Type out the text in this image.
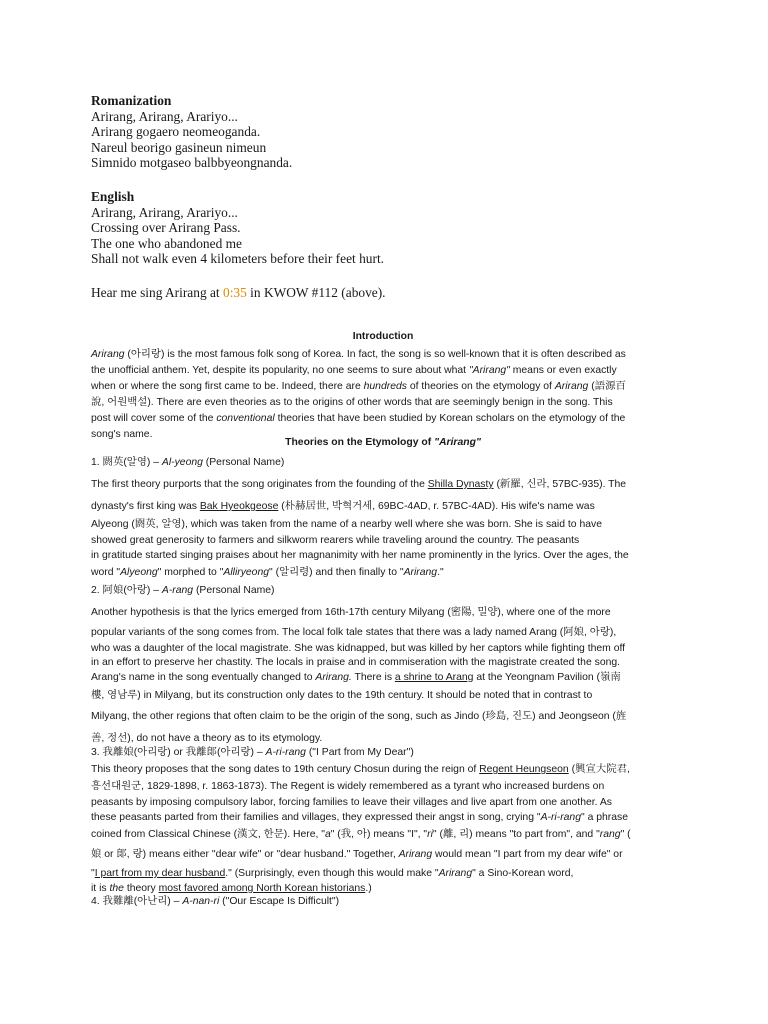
Romanization
Arirang, Arirang, Arariyo...
Arirang gogaero neomeoganda.
Nareul beorigo gasineun nimeun
Simnido motgaseo balbbyeongnanda.
English
Arirang, Arirang, Arariyo...
Crossing over Arirang Pass.
The one who abandoned me
Shall not walk even 4 kilometers before their feet hurt.
Hear me sing Arirang at 0:35 in KWOW #112 (above).
Introduction
Arirang (아리랑) is the most famous folk song of Korea. In fact, the song is so well-known that it is often described as
the unofficial anthem. Yet, despite its popularity, no one seems to sure about what "Arirang" means or even exactly
when or where the song first came to be. Indeed, there are hundreds of theories on the etymology of Arirang (語源百
說, 어원백설). There are even theories as to the origins of other words that are seemingly benign in the song. This
post will cover some of the conventional theories that have been studied by Korean scholars on the etymology of the
song's name.
Theories on the Etymology of "Arirang"
1. 閼英(알영) – Al-yeong (Personal Name)
The first theory purports that the song originates from the founding of the Shilla Dynasty (新羅, 신라, 57BC-935). The
dynasty's first king was Bak Hyeokgeose (朴赫居世, 박혁거세, 69BC-4AD, r. 57BC-4AD). His wife's name was
Alyeong (閼英, 알영), which was taken from the name of a nearby well where she was born. She is said to have
showed great generosity to farmers and silkworm rearers while traveling around the country. The peasants
in gratitude started singing praises about her magnanimity with her name prominently in the lyrics. Over the ages, the
word "Alyeong" morphed to "Alliryeong" (알리령) and then finally to "Arirang."
2. 阿娘(아랑) – A-rang (Personal Name)
Another hypothesis is that the lyrics emerged from 16th-17th century Milyang (密陽, 밀양), where one of the more
popular variants of the song comes from. The local folk tale states that there was a lady named Arang (阿娘, 아랑),
who was a daughter of the local magistrate. She was kidnapped, but was killed by her captors while fighting them off
in an effort to preserve her chastity. The locals in praise and in commiseration with the magistrate created the song.
Arang's name in the song eventually changed to Arirang. There is a shrine to Arang at the Yeongnam Pavilion (嶺南
樓, 영남루) in Milyang, but its construction only dates to the 19th century. It should be noted that in contrast to
Milyang, the other regions that often claim to be the origin of the song, such as Jindo (珍島, 진도) and Jeongseon (旌
善, 정선), do not have a theory as to its etymology.
3. 我離娘(아리랑) or 我離郞(아리랑) – A-ri-rang ("I Part from My Dear")
This theory proposes that the song dates to 19th century Chosun during the reign of Regent Heungseon (興宣大院君,
흥선대원군, 1829-1898, r. 1863-1873). The Regent is widely remembered as a tyrant who increased burdens on
peasants by imposing compulsory labor, forcing families to leave their villages and live apart from one another. As
these peasants parted from their families and villages, they expressed their angst in song, crying "A-ri-rang" a phrase
coined from Classical Chinese (漢文, 한문). Here, "a" (我, 아) means "I", "ri" (離, 리) means "to part from", and "rang" (
娘 or 郞, 랑) means either "dear wife" or "dear husband." Together, Arirang would mean "I part from my dear wife" or
"I part from my dear husband." (Surprisingly, even though this would make "Arirang" a Sino-Korean word,
it is the theory most favored among North Korean historians.)
4. 我難離(아난리) – A-nan-ri ("Our Escape Is Difficult")
